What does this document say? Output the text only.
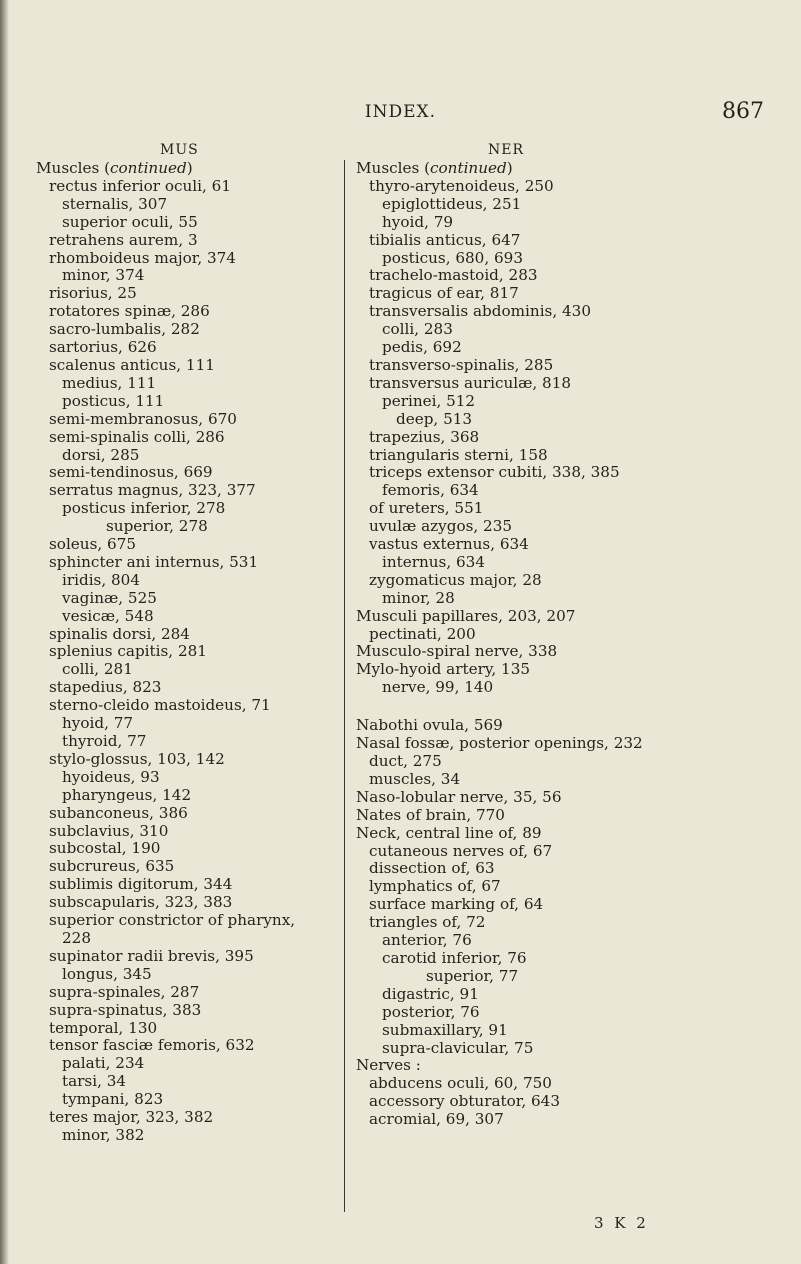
INDEX.	867
MUS	NER
Muscles (continued)
rectus inferior oculi, 61
sternalis, 307
superior oculi, 55
retrahens aurem, 3
rhomboideus major, 374
minor, 374
risorius, 25
rotatores spinæ, 286
sacro-lumbalis, 282
sartorius, 626
scalenus anticus, 111
medius, 111
posticus, 111
semi-membranosus, 670
semi-spinalis colli, 286
dorsi, 285
semi-tendinosus, 669
serratus magnus, 323, 377
posticus inferior, 278
superior, 278
soleus, 675
sphincter ani internus, 531
iridis, 804
vaginæ, 525
vesicæ, 548
spinalis dorsi, 284
splenius capitis, 281
colli, 281
stapedius, 823
sterno-cleido mastoideus, 71
hyoid, 77
thyroid, 77
stylo-glossus, 103, 142
hyoideus, 93
pharyngeus, 142
subanconeus, 386
subclavius, 310
subcostal, 190
subcrureus, 635
sublimis digitorum, 344
subscapularis, 323, 383
superior constrictor of pharynx,
228
supinator radii brevis, 395
longus, 345
supra-spinales, 287
supra-spinatus, 383
temporal, 130
tensor fasciæ femoris, 632
palati, 234
tarsi, 34
tympani, 823
teres major, 323, 382
minor, 382
Muscles (continued)
thyro-arytenoideus, 250
epiglottideus, 251
hyoid, 79
tibialis anticus, 647
posticus, 680, 693
trachelo-mastoid, 283
tragicus of ear, 817
transversalis abdominis, 430
colli, 283
pedis, 692
transverso-spinalis, 285
transversus auriculæ, 818
perinei, 512
deep, 513
trapezius, 368
triangularis sterni, 158
triceps extensor cubiti, 338, 385
femoris, 634
of ureters, 551
uvulæ azygos, 235
vastus externus, 634
internus, 634
zygomaticus major, 28
minor, 28
Musculi papillares, 203, 207
pectinati, 200
Musculo-spiral nerve, 338
Mylo-hyoid artery, 135
nerve, 99, 140
Nabothi ovula, 569
Nasal fossæ, posterior openings, 232
duct, 275
muscles, 34
Naso-lobular nerve, 35, 56
Nates of brain, 770
Neck, central line of, 89
cutaneous nerves of, 67
dissection of, 63
lymphatics of, 67
surface marking of, 64
triangles of, 72
anterior, 76
carotid inferior, 76
superior, 77
digastric, 91
posterior, 76
submaxillary, 91
supra-clavicular, 75
Nerves :
abducens oculi, 60, 750
accessory obturator, 643
acromial, 69, 307
3 K 2
